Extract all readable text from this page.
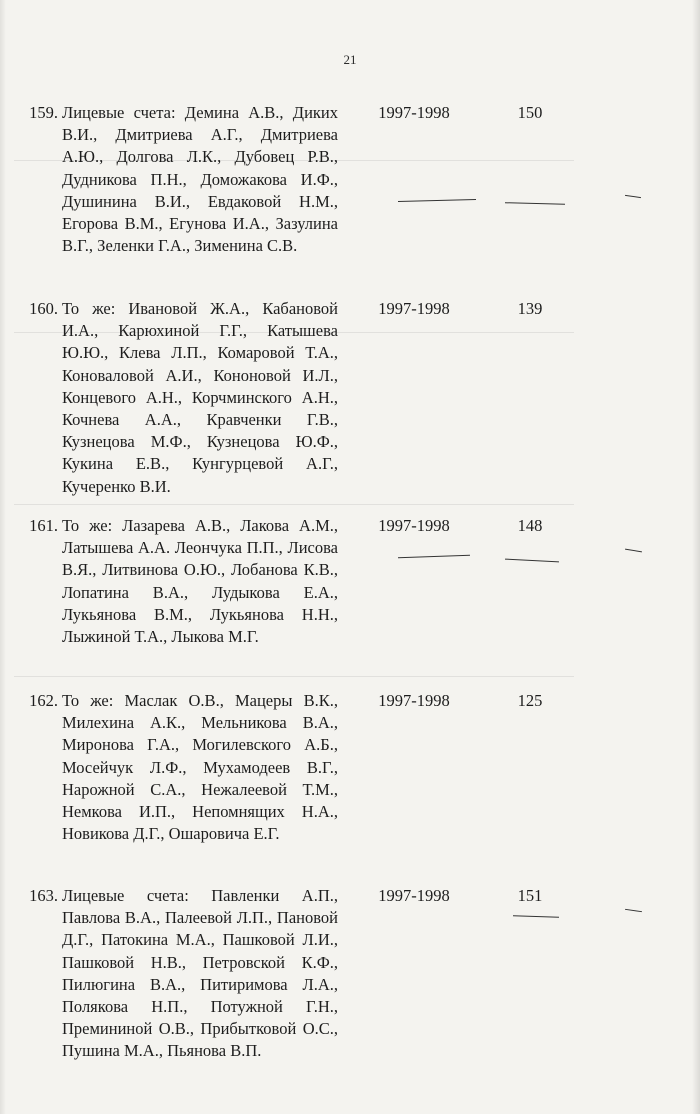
21
159. Лицевые счета: Демина А.В., Диких В.И., Дмитриева А.Г., Дмитриева А.Ю., Долгова Л.К., Дубовец Р.В., Дудникова П.Н., Доможакова И.Ф., Душинина В.И., Евдаковой Н.М., Егорова В.М., Егунова И.А., Зазулина В.Г., Зеленки Г.А., Зименина С.В.
1997-1998	150
160. То же: Ивановой Ж.А., Кабановой И.А., Карюхиной Г.Г., Катышева Ю.Ю., Клева Л.П., Комаровой Т.А., Коноваловой А.И., Кононовой И.Л., Концевого А.Н., Корчминского А.Н., Кочнева А.А., Кравченки Г.В., Кузнецова М.Ф., Кузнецова Ю.Ф., Кукина Е.В., Кунгурцевой А.Г., Кучеренко В.И.
1997-1998	139
161. То же: Лазарева А.В., Лакова А.М., Латышева А.А. Леончука П.П., Лисова В.Я., Литвинова О.Ю., Лобанова К.В., Лопатина В.А., Лудыкова Е.А., Лукьянова В.М., Лукьянова Н.Н., Лыжиной Т.А., Лыкова М.Г.
1997-1998	148
162. То же: Маслак О.В., Мацеры В.К., Милехина А.К., Мельникова В.А., Миронова Г.А., Могилевского А.Б., Мосейчук Л.Ф., Мухамодеев В.Г., Нарожной С.А., Нежалеевой Т.М., Немкова И.П., Непомнящих Н.А., Новикова Д.Г., Ошаровича Е.Г.
1997-1998	125
163. Лицевые счета: Павленки А.П., Павлова В.А., Палеевой Л.П., Пановой Д.Г., Патокина М.А., Пашковой Л.И., Пашковой Н.В., Петровской К.Ф., Пилюгина В.А., Питиримова Л.А., Полякова Н.П., Потужной Г.Н., Премининой О.В., Прибытковой О.С., Пушина М.А., Пьянова В.П.
1997-1998	151
